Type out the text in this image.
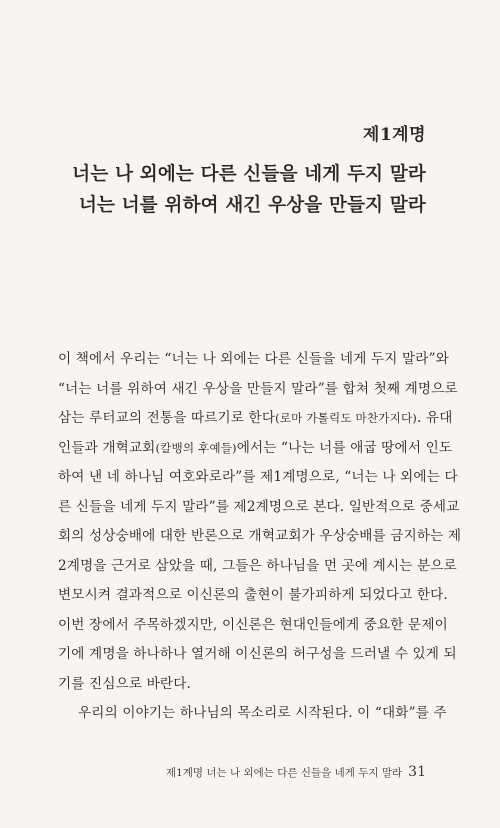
제1계명
너는 나 외에는 다른 신들을 네게 두지 말라
너는 너를 위하여 새긴 우상을 만들지 말라
이 책에서 우리는 “너는 나 외에는 다른 신들을 네게 두지 말라”와
“너는 너를 위하여 새긴 우상을 만들지 말라”를 합쳐 첫째 계명으로
삼는 루터교의 전통을 따르기로 한다(로마 가톨릭도 마찬가지다). 유대
인들과 개혁교회(칼뱅의 후예들)에서는 “나는 너를 애굽 땅에서 인도
하여 낸 네 하나님 여호와로라”를 제1계명으로, “너는 나 외에는 다
른 신들을 네게 두지 말라”를 제2계명으로 본다. 일반적으로 중세교
회의 성상숭배에 대한 반론으로 개혁교회가 우상숭배를 금지하는 제
2계명을 근거로 삼았을 때, 그들은 하나님을 먼 곳에 계시는 분으로
변모시켜 결과적으로 이신론의 출현이 불가피하게 되었다고 한다.
이번 장에서 주목하겠지만, 이신론은 현대인들에게 중요한 문제이
기에 계명을 하나하나 열거해 이신론의 허구성을 드러낼 수 있게 되
기를 진심으로 바란다.
우리의 이야기는 하나님의 목소리로 시작된다. 이 “대화”를 주
제1계명 너는 나 외에는 다른 신들을 네게 두지 말라 31
